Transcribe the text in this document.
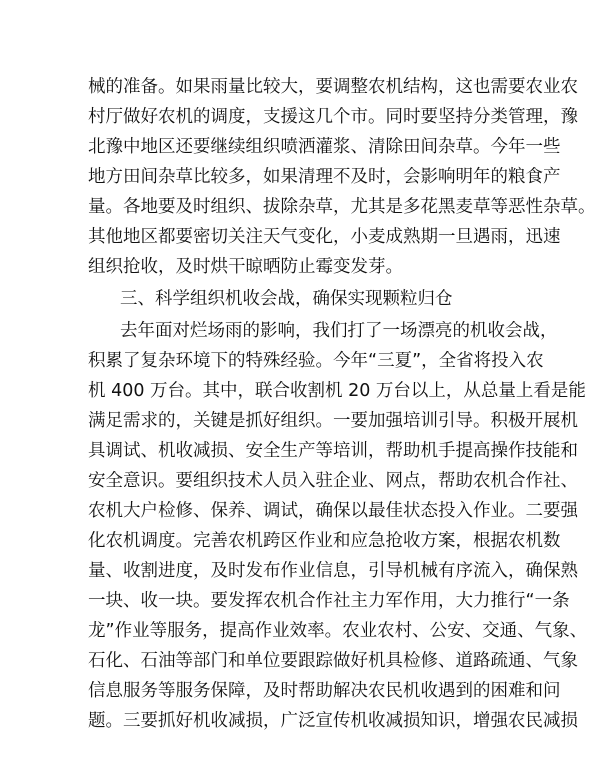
械的准备。如果雨量比较大，要调整农机结构，这也需要农业农
村厅做好农机的调度，支援这几个市。同时要坚持分类管理，豫
北豫中地区还要继续组织喷洒灌浆、清除田间杂草。今年一些
地方田间杂草比较多，如果清理不及时，会影响明年的粮食产
量。各地要及时组织、拔除杂草，尤其是多花黑麦草等恶性杂草。
其他地区都要密切关注天气变化，小麦成熟期一旦遇雨，迅速
组织抢收，及时烘干晾晒防止霉变发芽。
三、科学组织机收会战，确保实现颗粒归仓
去年面对烂场雨的影响，我们打了一场漂亮的机收会战，
积累了复杂环境下的特殊经验。今年“三夏”，全省将投入农
机 400 万台。其中，联合收割机 20 万台以上，从总量上看是能
满足需求的，关键是抓好组织。一要加强培训引导。积极开展机
具调试、机收减损、安全生产等培训，帮助机手提高操作技能和
安全意识。要组织技术人员入驻企业、网点，帮助农机合作社、
农机大户检修、保养、调试，确保以最佳状态投入作业。二要强
化农机调度。完善农机跨区作业和应急抢收方案，根据农机数
量、收割进度，及时发布作业信息，引导机械有序流入，确保熟
一块、收一块。要发挥农机合作社主力军作用，大力推行“一条
龙”作业等服务，提高作业效率。农业农村、公安、交通、气象、
石化、石油等部门和单位要跟踪做好机具检修、道路疏通、气象
信息服务等服务保障，及时帮助解决农民机收遇到的困难和问
题。三要抓好机收减损，广泛宣传机收减损知识，增强农民减损
